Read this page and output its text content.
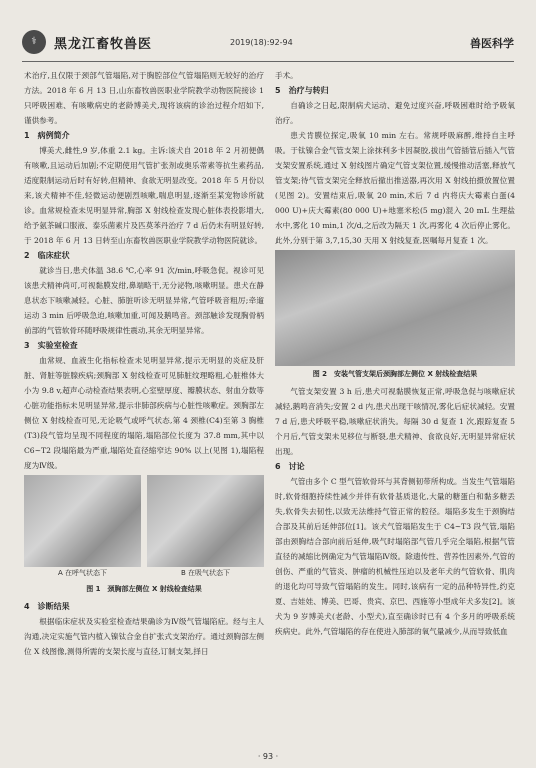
⚕	黑龙江畜牧兽医	2019(18):92-94	兽医科学

术治疗,且仅限于颈部气管塌陷,对于胸腔部位气管塌陷则无较好的治疗方法。2018 年 6 月 13 日,山东畜牧兽医职业学院教学动物医院接诊 1 只呼吸困难、有咳嗽病史的老龄博美犬,现将该病的诊治过程介绍如下,谨供参考。

1　病例简介

博美犬,雌性,9 岁,体重 2.1 kg。主诉:该犬自 2018 年 2 月初便偶有咳嗽,且运动后加剧;不定期使用气管扩张剂或奥乐蒂素等抗生素药品,适度限制运动后时有好转,但精神、食欲无明显改变。2018 年 5 月份以来,该犬精神不佳,轻微运动便剧烈咳嗽,喘息明显,逐渐至某宠物诊所就诊。血常规检查未见明显异常,胸部 X 射线检查发现心脏体表投影增大,给予氨茶碱口服液、泰乐菌素片及匹莫苯丹治疗 7 d 后仍未有明显好转,于 2018 年 6 月 13 日转至山东畜牧兽医职业学院教学动物医院就诊。

2　临床症状

就诊当日,患犬体温 38.6 ℃,心率 91 次/min,呼吸急促。视诊可见该患犬精神尚可,可视黏膜发绀,鼻端略干,无分泌物,咳嗽明显。患犬在静息状态下咳嗽减轻。心脏、肺脏听诊无明显异常,气管呼吸音粗厉;牵遛运动 3 min 后呼吸急迫,咳嗽加重,可闻及鹅鸣音。颈部触诊发现胸骨柄前部的气管软骨环随呼吸规律性震动,其余无明显异常。

3　实验室检查

血常规、血液生化指标检查未见明显异常,提示无明显的炎症及肝脏、肾脏等脏腺疾病;颈胸部 X 射线检查可见肺脏纹理略粗,心脏椎体大小为 9.8 v,超声心动检查结果表明,心室壁厚度、瓣膜状态、射血分数等心脏功能指标未见明显异常,提示非肺部疾病与心脏性咳嗽症。颈胸部左侧位 X 射线检查可见,无论吸气或呼气状态,第 4 颈椎(C4)至第 3 胸椎(T3)段气管均呈现不同程度的塌陷,塌陷部位长度为 37.8 mm,其中以 C6~T2 段塌陷最为严重,塌陷处直径缩窄达 90% 以上(见图 1),塌陷程度为Ⅳ级。

A 在呼气状态下	B 在吸气状态下
图 1　颈胸部左侧位 X 射线检查结果
4　诊断结果

根据临床症状及实验室检查结果确诊为Ⅳ级气管塌陷症。经与主人沟通,决定实施气管内植入镍钛合金自扩张式支架治疗。通过颈胸部左侧位 X 线图像,测得所需的支架长度与直径,订制支架,择日

手术。

5　治疗与转归

自确诊之日起,限制病犬运动、避免过度兴奋,呼吸困难时给予吸氧治疗。

患犬肯膜位探定,吸氧 10 min 左右。常规呼吸麻醉,维持自主呼吸。于钛镍合金气管支架上涂抹利多卡因凝胶,拔出气管插管后插入气管支架安置系统,通过 X 射线图片确定气管支架位置,缓慢推动活塞,释放气管支架;待气管支架完全释放后撤出推送器,再次用 X 射线拍摄放置位置(见图 2)。安置结束后,吸氧 20 min,术后 7 d 内将庆大霉素白蛋(4 000 U)+庆大霉素(80 000 U)+地塞米松(5 mg)混入 20 mL 生理盐水中,雾化 10 min,1 次/d,之后改为隔天 1 次,再雾化 4 次后停止雾化。此外,分别于第 3,7,15,30 天用 X 射线复查,医嘱每月复查 1 次。

图 2　安装气管支架后颈胸部左侧位 X 射线检查结果

气管支架安置 3 h 后,患犬可视黏膜恢复正常,呼吸急促与咳嗽症状减轻,鹅鸣音消失;安置 2 d 内,患犬出现干咳情况,雾化后症状减轻。安置 7 d 后,患犬呼吸平稳,咳嗽症状消失。每隔 30 d 复查 1 次,跟踪复查 5 个月后,气管支架未见移位与断裂,患犬精神、食欲良好,无明显异常症状出现。

6　讨论

气管由多个 C 型气管软骨环与其背侧韧带所构成。当发生气管塌陷时,软骨细胞持续性减少并伴有软骨基质退化,大量的糖蛋白和黏多糖丢失,软骨失去韧性,以致无法维持气管正常的腔径。塌陷多发生于颈胸结合部及其前后延伸部位[1]。该犬气管塌陷发生于 C4~T3 段气管,塌陷部由颈胸结合部向前后延伸,吸气时塌陷部气管几乎完全塌陷,根据气管直径的减缩比例确定为气管塌陷Ⅳ级。除遗传性、营养性因素外,气管的创伤、严重的气管炎、肿瘤的机械性压迫以及老年犬的气管软骨、肌肉的退化均可导致气管塌陷的发生。同时,该病有一定的品种特异性,约克夏、吉娃娃、博美、巴哥、贵宾、京巴、西施等小型成年犬多发[2]。该犬为 9 岁博美犬(老龄、小型犬),直至确诊时已有 4 个多月的呼吸系统疾病史。此外,气管塌陷的存在使进入肺部的氧气量减少,从而导致低血

· 93 ·
